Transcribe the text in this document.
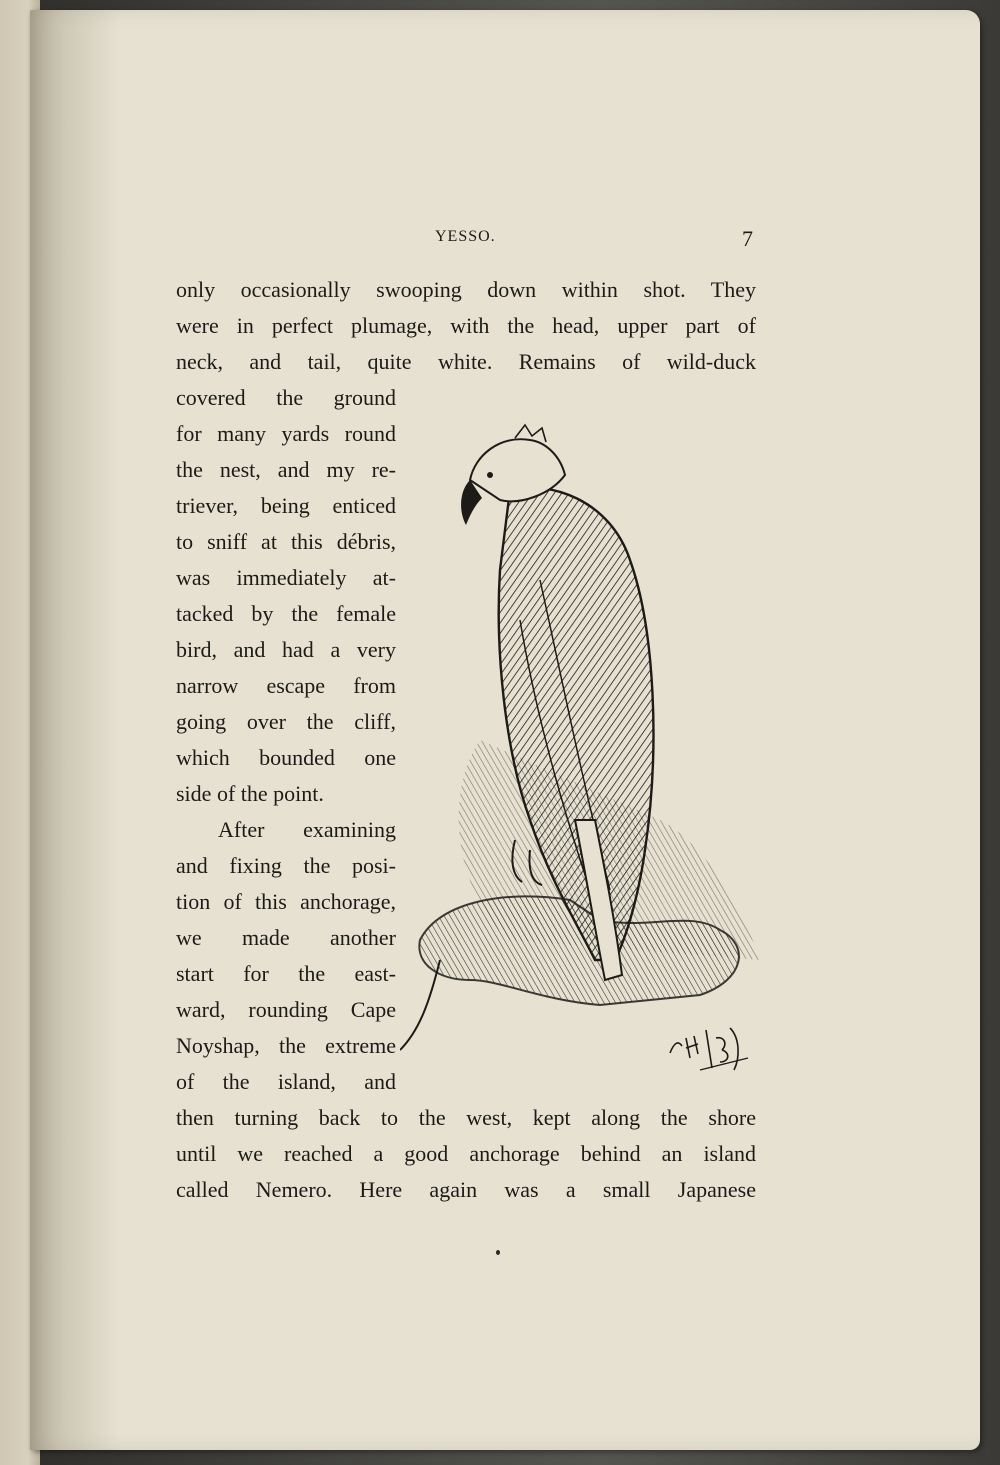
YESSO.	7
only occasionally swooping down within shot. They
were in perfect plumage, with the head, upper part of
neck, and tail, quite white. Remains of wild-duck
covered the ground
for many yards round
the nest, and my re-
triever, being enticed
to sniff at this débris,
was immediately at-
tacked by the female
bird, and had a very
narrow escape from
going over the cliff,
which bounded one
side of the point.
After examining
and fixing the posi-
tion of this anchorage,
we made another
start for the east-
ward, rounding Cape
Noyshap, the extreme
of the island, and
then turning back to the west, kept along the shore
until we reached a good anchorage behind an island
called Nemero. Here again was a small Japanese
